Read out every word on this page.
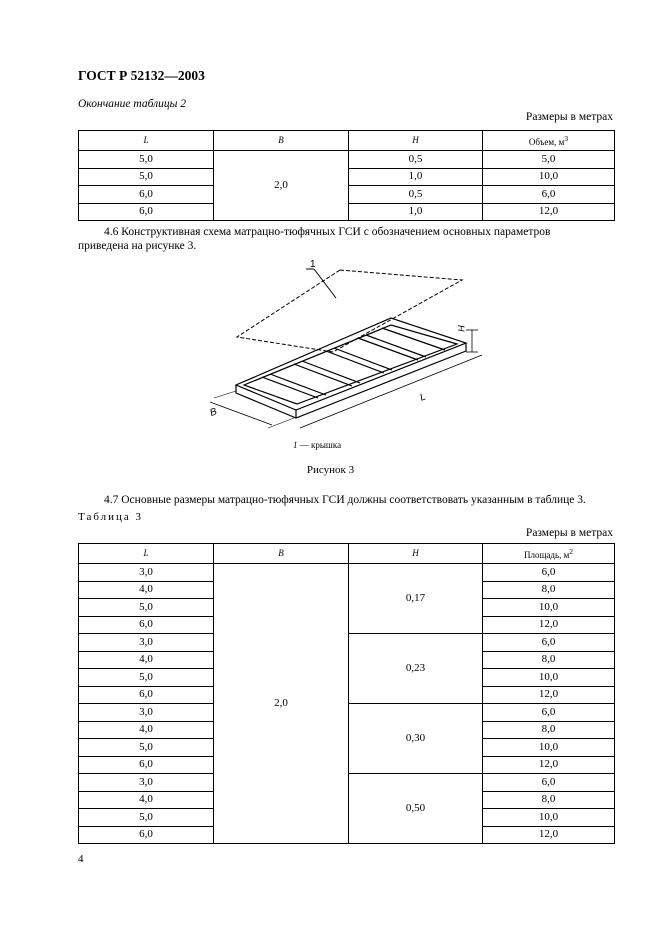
ГОСТ Р 52132—2003
Окончание таблицы 2
Размеры в метрах
L	B	H	Объем, $м^3$
5,0	2,0	0,5	5,0
5,0		1,0	10,0
6,0		0,5	6,0
6,0		1,0	12,0
4.6 Конструктивная схема матрацно-тюфячных ГСИ с обозначением основных параметров
приведена на рисунке 3.
1
H
B
L
1 — крышка
Рисунок 3
4.7 Основные размеры матрацно-тюфячных ГСИ должны соответствовать указанным в таблице 3.
Таблица 3
Размеры в метрах
L	B	H	Площадь, $м^2$
3,0	2,0	0,17	6,0
4,0			8,0
5,0			10,0
6,0			12,0
3,0		0,23	6,0
4,0			8,0
5,0			10,0
6,0			12,0
3,0		0,30	6,0
4,0			8,0
5,0			10,0
6,0			12,0
3,0		0,50	6,0
4,0			8,0
5,0			10,0
6,0			12,0
4
